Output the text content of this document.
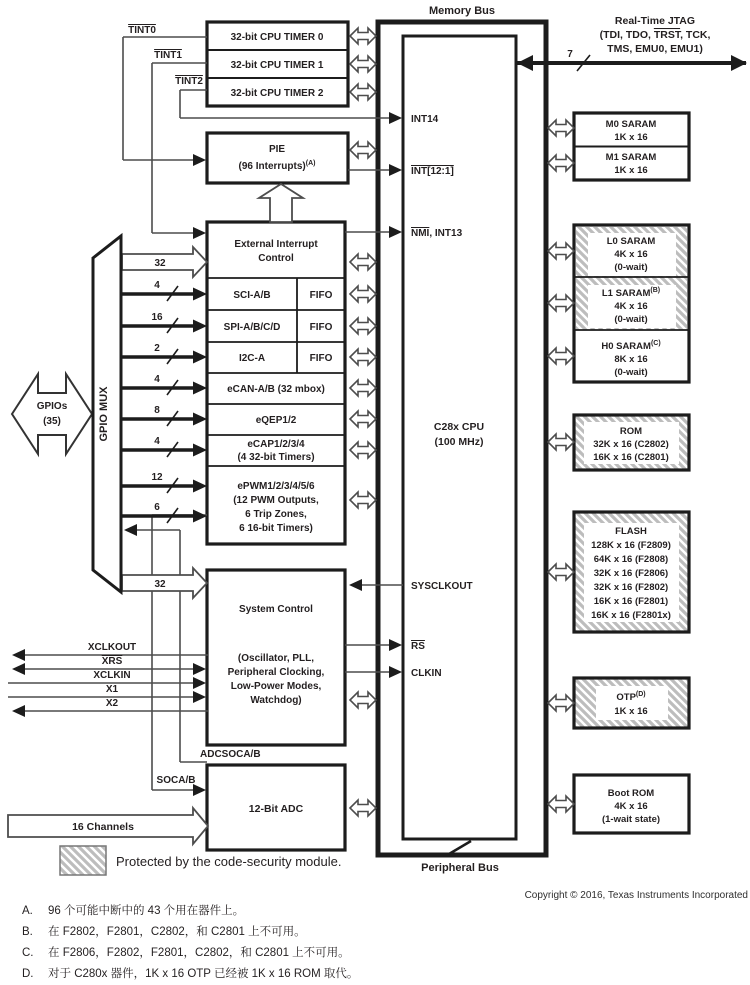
Memory Bus
Peripheral Bus
Real-Time JTAG
(TDI, TDO, TRST, TCK,
TMS, EMU0, EMU1)
7
32-bit CPU TIMER 0
32-bit CPU TIMER 1
32-bit CPU TIMER 2
TINT0
TINT1
TINT2
PIE
(96 Interrupts)$^{(A)}$
External Interrupt
Control
SCI-A/B
SPI-A/B/C/D
I2C-A
FIFO
FIFO
FIFO
eCAN-A/B (32 mbox)
eQEP1/2
eCAP1/2/3/4
(4 32-bit Timers)
ePWM1/2/3/4/5/6
(12 PWM Outputs,
6 Trip Zones,
6 16-bit Timers)
32
4
16
2
4
8
4
12
6
32
GPIO MUX
GPIOs
(35)	C28x CPU
(100 MHz)
INT14
INT[12:1]
NMI, INT13
SYSCLKOUT
RS
CLKIN
System Control
(Oscillator, PLL,
Peripheral Clocking,
Low-Power Modes,
Watchdog)
XCLKOUT
XRS
XCLKIN
X1
X2
12-Bit ADC
ADCSOCA/B
SOCA/B
16 Channels
M0 SARAM
1K x 16
M1 SARAM
1K x 16
L0 SARAM
4K x 16
(0-wait)
L1 $SARAM^{(B)}$
4K x 16
(0-wait)
H0 $SARAM^{(C)}$
8K x 16
(0-wait)
ROM
32K x 16 (C2802)
16K x 16 (C2801)
FLASH
128K x 16 (F2809)
64K x 16 (F2808)
32K x 16 (F2806)
32K x 16 (F2802)
16K x 16 (F2801)
16K x 16 (F2801x)
$OTP^{(D)}$
1K x 16
Boot ROM
4K x 16
(1-wait state)
Protected by the code-security module.
Copyright © 2016, Texas Instruments Incorporated
A. 96 个可能中断中的 43 个用在器件上。
B. 在 F2802，F2801，C2802，和 C2801 上不可用。
C. 在 F2806，F2802，F2801，C2802，和 C2801 上不可用。
D. 对于 C280x 器件，1K x 16 OTP 已经被 1K x 16 ROM 取代。
